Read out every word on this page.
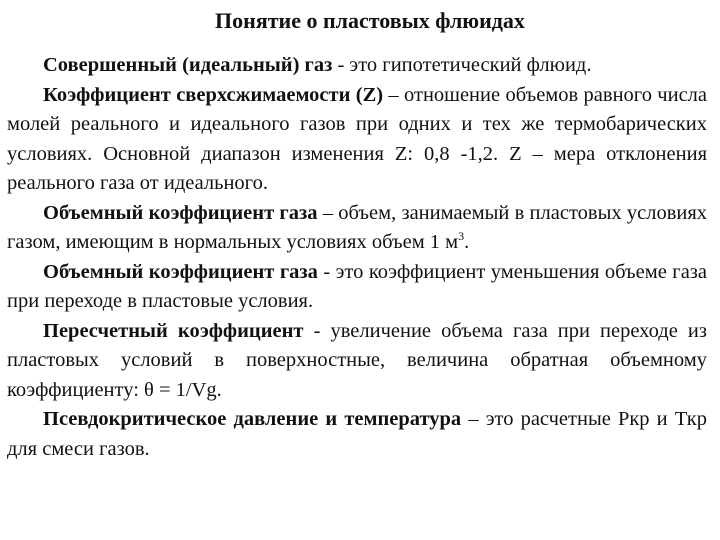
Понятие о пластовых флюидах

Совершенный (идеальный) газ - это гипотетический флюид.

Коэффициент сверхсжимаемости (Z) – отношение объемов равного числа молей реального и идеального газов при одних и тех же термобарических условиях. Основной диапазон изменения Z: 0,8 -1,2. Z – мера отклонения реального газа от идеального.

Объемный коэффициент газа – объем, занимаемый в пластовых условиях газом, имеющим в нормальных условиях объем 1 $м^3$.

Объемный коэффициент газа - это коэффициент уменьшения объеме газа при переходе в пластовые условия.

Пересчетный коэффициент - увеличение объема газа при переходе из пластовых условий в поверхностные, величина обратная объемному коэффициенту: θ = 1/Vg.

Псевдокритическое давление и температура – это расчетные Ркр и Ткр для смеси газов.
